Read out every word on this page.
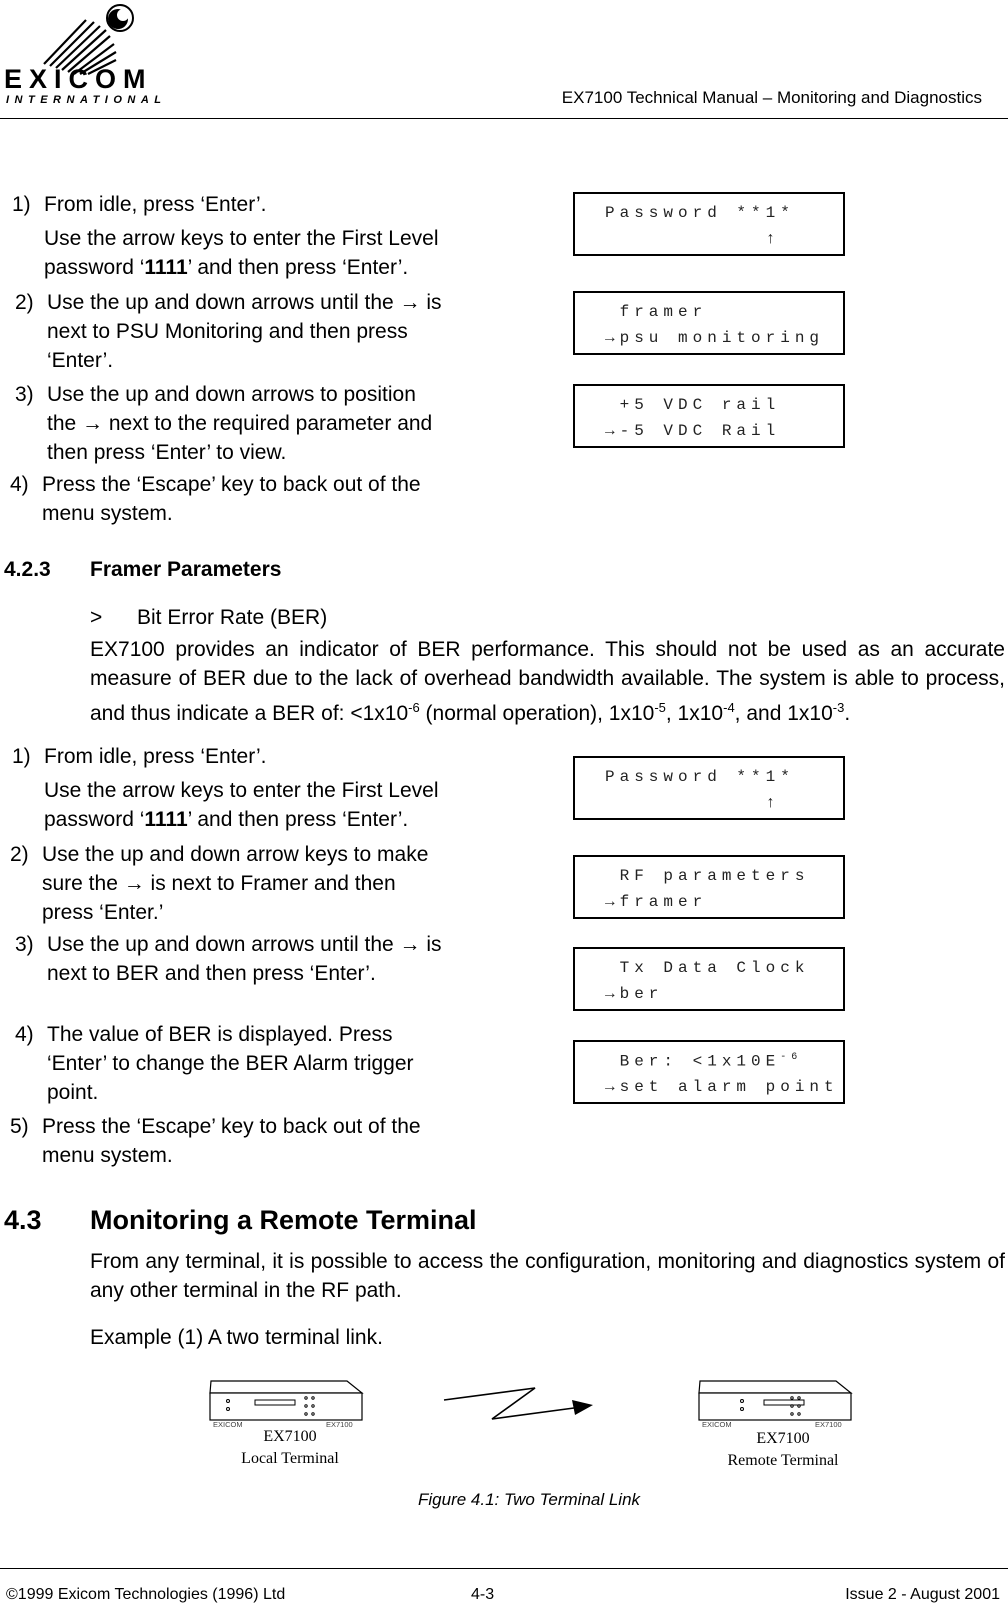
EXICOM
INTERNATIONAL	EX7100 Technical Manual – Monitoring and Diagnostics
1) From idle, press ‘Enter’.
Use the arrow keys to enter the First Level
password ‘1111’ and then press ‘Enter’.
2) Use the up and down arrows until the → is
next to PSU Monitoring and then press
‘Enter’.
3) Use the up and down arrows to position
the → next to the required parameter and
then press ‘Enter’ to view.
4) Press the ‘Escape’ key to back out of the
menu system.
Password **1*
↑
framer
→psu monitoring
+5 VDC rail
→-5 VDC Rail
4.2.3 Framer Parameters
> Bit Error Rate (BER)
EX7100 provides an indicator of BER performance. This should not be used as an accurate measure of BER due to the lack of overhead bandwidth available. The system is able to process, and thus indicate a BER of: $<1x10^{-6}$ (normal operation), $1x10^{-5}$, $1x10^{-4}$, and $1x10^{-3}$.
1) From idle, press ‘Enter’.
Use the arrow keys to enter the First Level
password ‘1111’ and then press ‘Enter’.
2) Use the up and down arrow keys to make
sure the → is next to Framer and then
press ‘Enter.’
3) Use the up and down arrows until the → is
next to BER and then press ‘Enter’.
4) The value of BER is displayed. Press
‘Enter’ to change the BER Alarm trigger
point.
5) Press the ‘Escape’ key to back out of the
menu system.
Password **1*
↑
RF parameters
→framer
Tx Data Clock
→ber
Ber: $<1x10E^{-6}$
→set alarm point
4.3 Monitoring a Remote Terminal
From any terminal, it is possible to access the configuration, monitoring and diagnostics system of any other terminal in the RF path.
Example (1) A two terminal link.
EXICOM	EX7100	EXICOM	EX7100
EX7100
Local Terminal
EX7100
Remote Terminal
Figure 4.1: Two Terminal Link
©1999 Exicom Technologies (1996) Ltd	4-3	Issue 2 - August 2001
